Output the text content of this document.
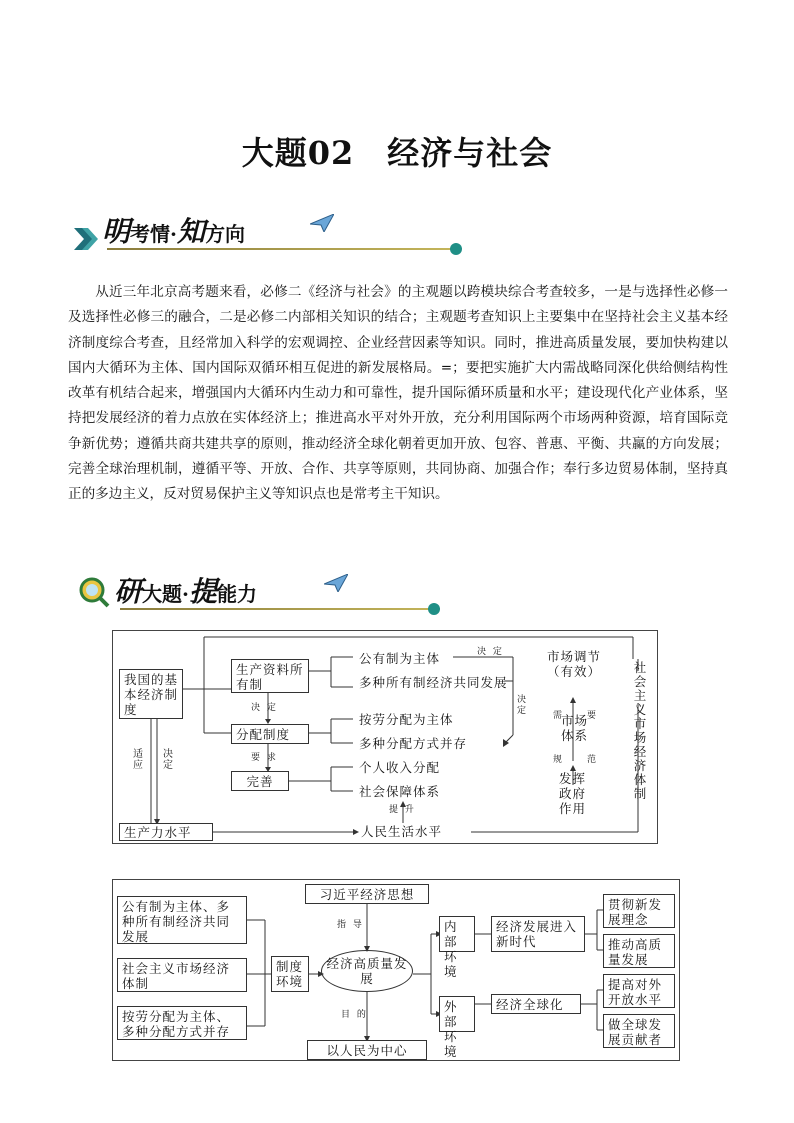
大题02　经济与社会
明考情·知方向
从近三年北京高考题来看，必修二《经济与社会》的主观题以跨模块综合考查较多，一是与选择性必修一及选择性必修三的融合，二是必修二内部相关知识的结合；主观题考查知识上主要集中在坚持社会主义基本经济制度综合考查，且经常加入科学的宏观调控、企业经营因素等知识。同时，推进高质量发展，要加快构建以国内大循环为主体、国内国际双循环相互促进的新发展格局。=；要把实施扩大内需战略同深化供给侧结构性改革有机结合起来，增强国内大循环内生动力和可靠性，提升国际循环质量和水平；建设现代化产业体系，坚持把发展经济的着力点放在实体经济上；推进高水平对外开放，充分利用国际两个市场两种资源，培育国际竞争新优势；遵循共商共建共享的原则，推动经济全球化朝着更加开放、包容、普惠、平衡、共赢的方向发展；完善全球治理机制，遵循平等、开放、合作、共享等原则，共同协商、加强合作；奉行多边贸易体制，坚持真正的多边主义，反对贸易保护主义等知识点也是常考主干知识。
研大题·提能力
我国的基本经济制度
生产资料所有制
分配制度
完善
决 定
要 求
公有制为主体	决 定
多种所有制经济共同发展
决定
按劳分配为主体
多种分配方式并存
个人收入分配
社会保障体系
适应
决定
生产力水平	人民生活水平
提 升
市场调节（有效）
需	要
市场体系
规	范
发挥政府作用
社会主义市场经济体制
公有制为主体、多种所有制经济共同发展
社会主义市场经济体制
按劳分配为主体、多种分配方式并存
制度环境
习近平经济思想
指 导
经济高质量发展
目 的
以人民为中心
内部环境
外部环境
经济发展进入新时代
经济全球化
贯彻新发展理念
推动高质量发展
提高对外开放水平
做全球发展贡献者
